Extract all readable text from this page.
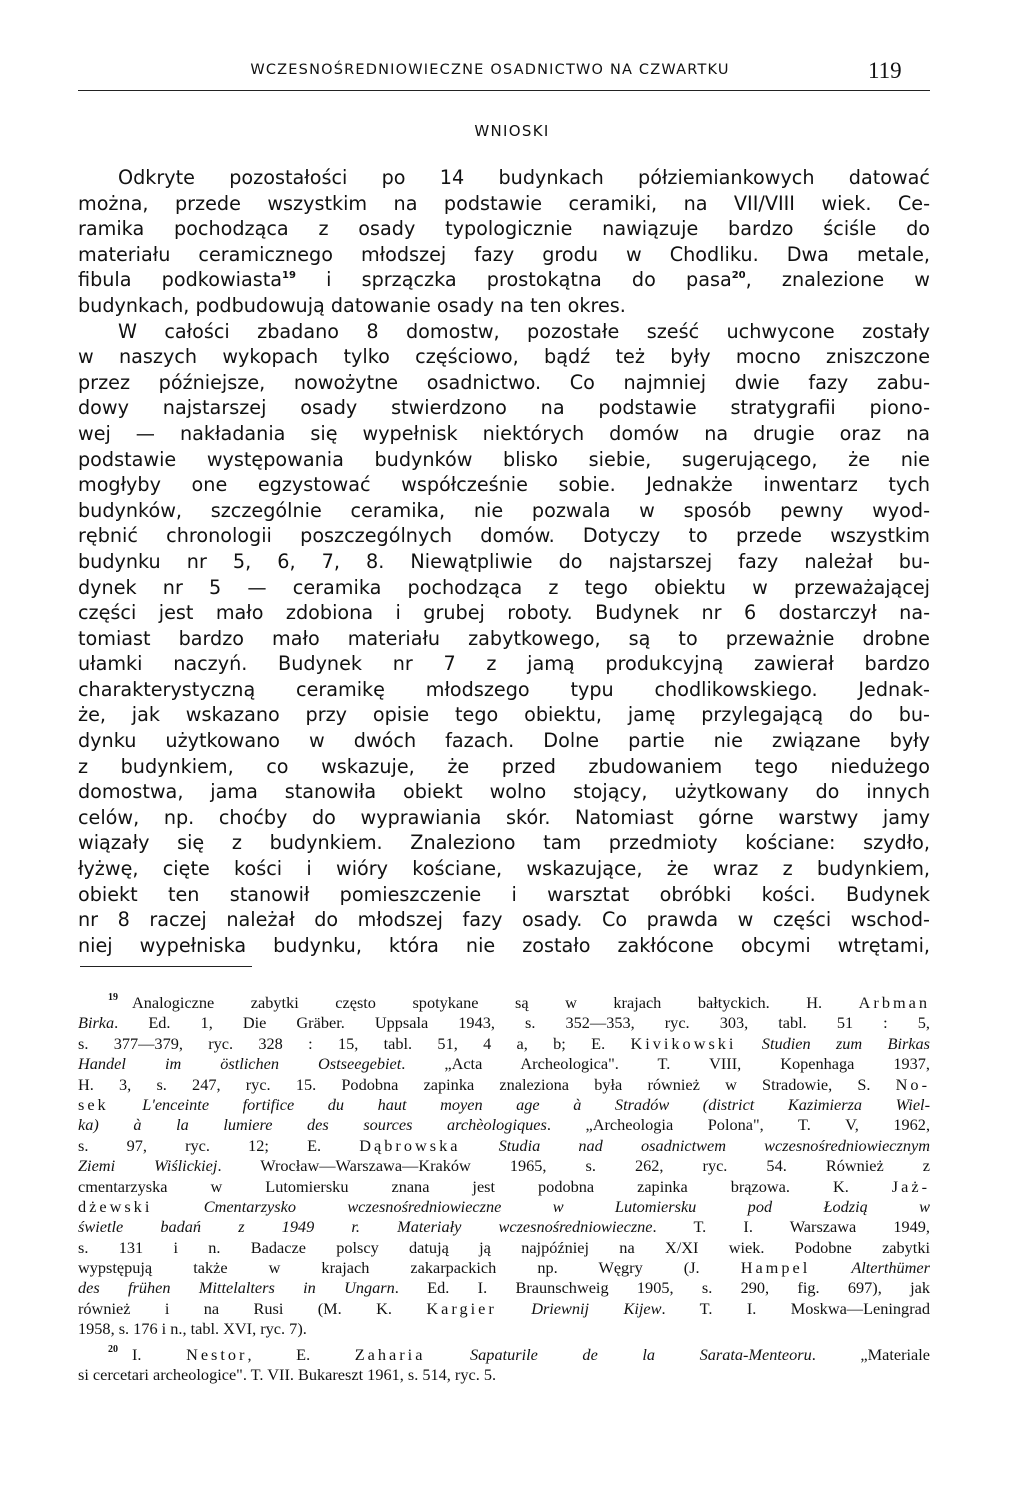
WCZESNOŚREDNIOWIECZNE OSADNICTWO NA CZWARTKU	119
WNIOSKI
Odkryte pozostałości po 14 budynkach półziemiankowych datować
można, przede wszystkim na podstawie ceramiki, na VII/VIII wiek. Ce-
ramika pochodząca z osady typologicznie nawiązuje bardzo ściśle do
materiału ceramicznego młodszej fazy grodu w Chodliku. Dwa metale,
fibula podkowiasta$^{19}$ i sprzączka prostokątna do pasa$^{20}$, znalezione w
budynkach, podbudowują datowanie osady na ten okres.
W całości zbadano 8 domostw, pozostałe sześć uchwycone zostały
w naszych wykopach tylko częściowo, bądź też były mocno zniszczone
przez późniejsze, nowożytne osadnictwo. Co najmniej dwie fazy zabu-
dowy najstarszej osady stwierdzono na podstawie stratygrafii piono-
wej — nakładania się wypełnisk niektórych domów na drugie oraz na
podstawie występowania budynków blisko siebie, sugerującego, że nie
mogłyby one egzystować współcześnie sobie. Jednakże inwentarz tych
budynków, szczególnie ceramika, nie pozwala w sposób pewny wyod-
rębnić chronologii poszczególnych domów. Dotyczy to przede wszystkim
budynku nr 5, 6, 7, 8. Niewątpliwie do najstarszej fazy należał bu-
dynek nr 5 — ceramika pochodząca z tego obiektu w przeważającej
części jest mało zdobiona i grubej roboty. Budynek nr 6 dostarczył na-
tomiast bardzo mało materiału zabytkowego, są to przeważnie drobne
ułamki naczyń. Budynek nr 7 z jamą produkcyjną zawierał bardzo
charakterystyczną ceramikę młodszego typu chodlikowskiego. Jednak-
że, jak wskazano przy opisie tego obiektu, jamę przylegającą do bu-
dynku użytkowano w dwóch fazach. Dolne partie nie związane były
z budynkiem, co wskazuje, że przed zbudowaniem tego niedużego
domostwa, jama stanowiła obiekt wolno stojący, użytkowany do innych
celów, np. choćby do wyprawiania skór. Natomiast górne warstwy jamy
wiązały się z budynkiem. Znaleziono tam przedmioty kościane: szydło,
łyżwę, cięte kości i wióry kościane, wskazujące, że wraz z budynkiem,
obiekt ten stanowił pomieszczenie i warsztat obróbki kości. Budynek
nr 8 raczej należał do młodszej fazy osady. Co prawda w części wschod-
niej wypełniska budynku, która nie zostało zakłócone obcymi wtrętami,
$^{19}$ Analogiczne zabytki często spotykane są w krajach bałtyckich. H. Arbman
Birka. Ed. 1, Die Gräber. Uppsala 1943, s. 352—353, ryc. 303, tabl. 51 : 5,
s. 377—379, ryc. 328 : 15, tabl. 51, 4 a, b; E. Kivikowski Studien zum Birkas
Handel im östlichen Ostseegebiet. „Acta Archeologica". T. VIII, Kopenhaga 1937,
H. 3, s. 247, ryc. 15. Podobna zapinka znaleziona była również w Stradowie, S. No-
sek L'enceinte fortifice du haut moyen age à Stradów (district Kazimierza Wiel-
ka) à la lumiere des sources archèologiques. „Archeologia Polona", T. V, 1962,
s. 97, ryc. 12; E. Dąbrowska Studia nad osadnictwem wczesnośredniowiecznym
Ziemi Wiślickiej. Wrocław—Warszawa—Kraków 1965, s. 262, ryc. 54. Również z
cmentarzyska w Lutomiersku znana jest podobna zapinka brązowa. K. Jaż-
dżewski	Cmentarzysko wczesnośredniowieczne w Lutomiersku pod Łodzią w
świetle badań z 1949 r. Materiały wczesnośredniowieczne. T. I. Warszawa 1949,
s. 131 i n. Badacze polscy datują ją najpóźniej na X/XI wiek. Podobne zabytki
wypstępują także w krajach zakarpackich np. Węgry (J. Hampel	Alterthümer
des frühen Mittelalters in Ungarn. Ed. I. Braunschweig 1905, s. 290, fig. 697), jak
również i na Rusi (M. K. Kargier Driewnij Kijew. T. I. Moskwa—Leningrad
1958, s. 176 i n., tabl. XVI, ryc. 7).
$^{20}$ I. Nestor, E. Zaharia	Sapaturile de la Sarata-Menteoru. „Materiale
si cercetari archeologice". T. VII. Bukareszt 1961, s. 514, ryc. 5.
